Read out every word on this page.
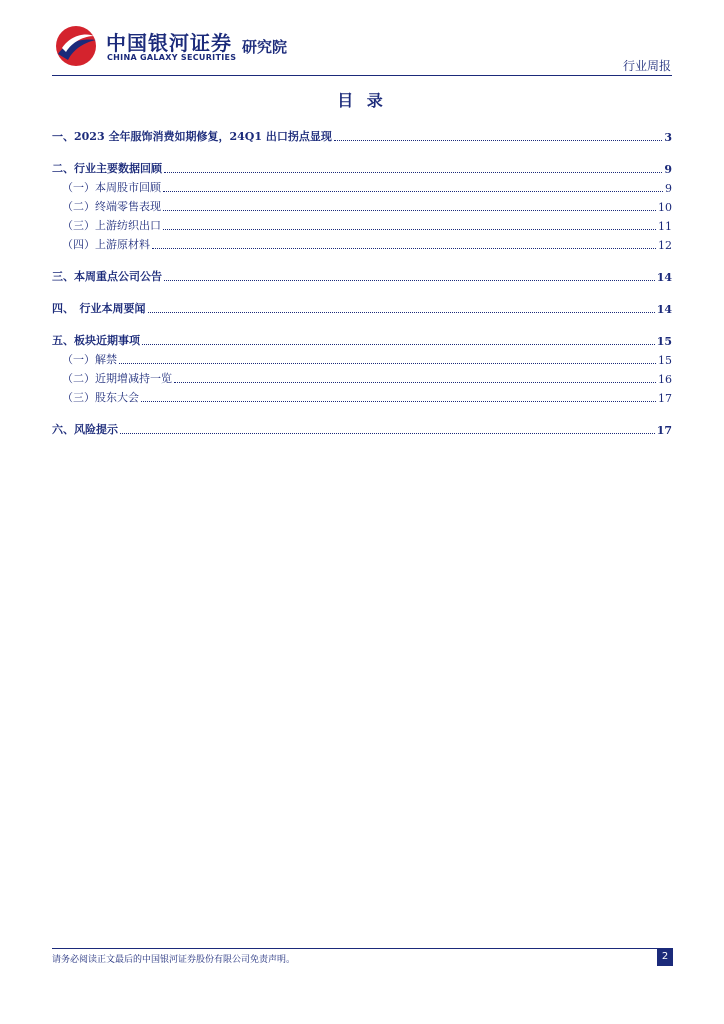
中国银河证券
CHINA GALAXY SECURITIES
研究院
行业周报
目 录
一、2023 全年服饰消费如期修复，24Q1 出口拐点显现	3
二、行业主要数据回顾	9
（一）本周股市回顾	9
（二）终端零售表现	10
（三）上游纺织出口	11
（四）上游原材料	12
三、本周重点公司公告	14
四、　行业本周要闻	14
五、板块近期事项	15
（一）解禁	15
（二）近期增减持一览	16
（三）股东大会	17
六、风险提示	17
请务必阅读正文最后的中国银河证券股份有限公司免责声明。	2
